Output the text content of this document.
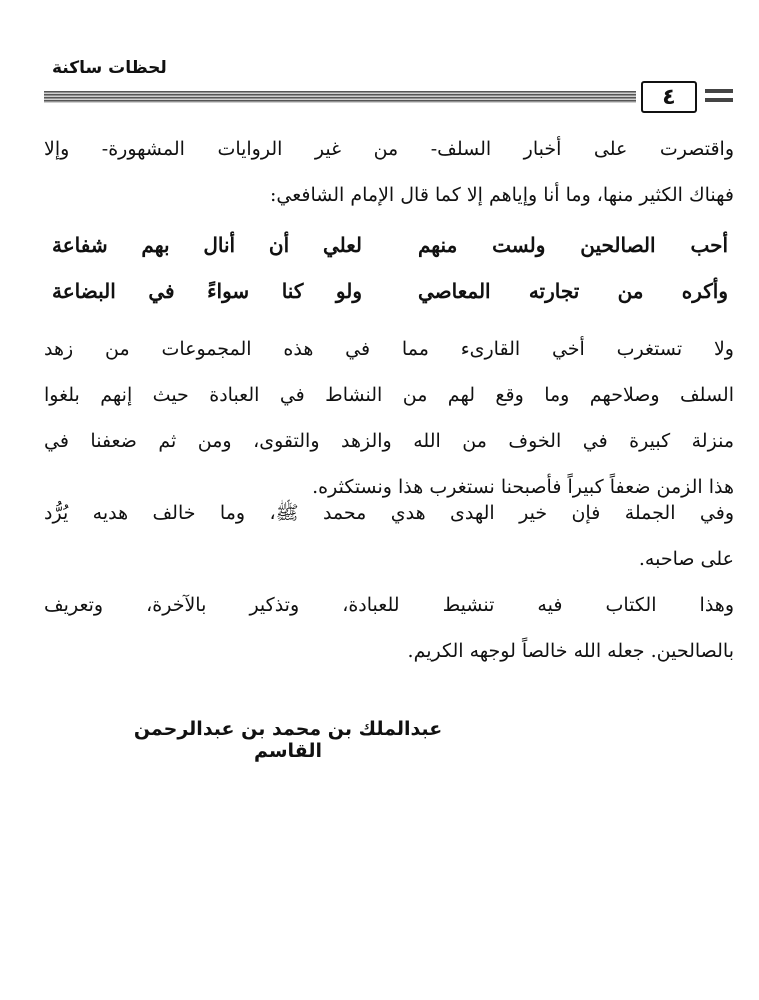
لحظات ساكنة
٤
واقتصرت على أخبار السلف- من غير الروايات المشهورة- وإلا
فهناك الكثير منها، وما أنا وإياهم إلا كما قال الإمام الشافعي:
أحب الصالحين ولست منهم
لعلي أن أنال بهم شفاعة
وأكره من تجارته المعاصي
ولو كنا سواءً في البضاعة
ولا تستغرب أخي القارىء مما في هذه المجموعات من زهد
السلف وصلاحهم وما وقع لهم من النشاط في العبادة حيث إنهم بلغوا
منزلة كبيرة في الخوف من الله والزهد والتقوى، ومن ثم ضعفنا في
هذا الزمن ضعفاً كبيراً فأصبحنا نستغرب هذا ونستكثره.
وفي الجملة فإن خير الهدى هدي محمد ﷺ، وما خالف هديه يُرُّد
على صاحبه.
وهذا الكتاب فيه تنشيط للعبادة، وتذكير بالآخرة، وتعريف
بالصالحين. جعله الله خالصاً لوجهه الكريم.
عبدالملك بن محمد بن عبدالرحمن القاسم
